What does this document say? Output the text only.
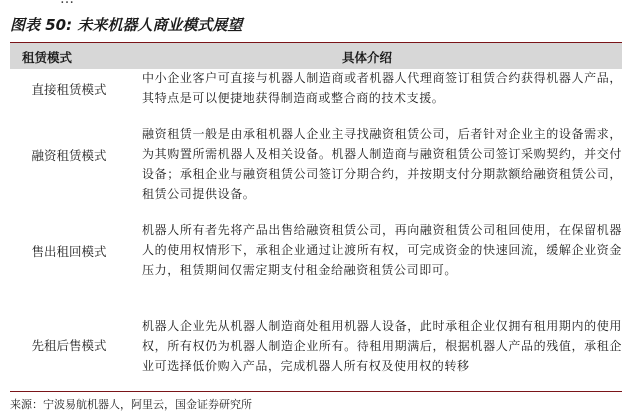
图表 50: 未来机器人商业模式展望
租赁模式	具体介绍
直接租赁模式
中小企业客户可直接与机器人制造商或者机器人代理商签订租赁合约获得机器人产品，其特点是可以便捷地获得制造商或整合商的技术支援。
融资租赁模式
融资租赁一般是由承租机器人企业主寻找融资租赁公司，后者针对企业主的设备需求，为其购置所需机器人及相关设备。机器人制造商与融资租赁公司签订采购契约，并交付设备；承租企业与融资租赁公司签订分期合约，并按期支付分期款额给融资租赁公司，租赁公司提供设备。
售出租回模式
机器人所有者先将产品出售给融资租赁公司，再向融资租赁公司租回使用，在保留机器人的使用权情形下，承租企业通过让渡所有权，可完成资金的快速回流，缓解企业资金压力，租赁期间仅需定期支付租金给融资租赁公司即可。
先租后售模式
机器人企业先从机器人制造商处租用机器人设备，此时承租企业仅拥有租用期内的使用权，所有权仍为机器人制造企业所有。待租用期满后，根据机器人产品的残值，承租企业可选择低价购入产品，完成机器人所有权及使用权的转移
来源：宁波易航机器人，阿里云，国金证券研究所
